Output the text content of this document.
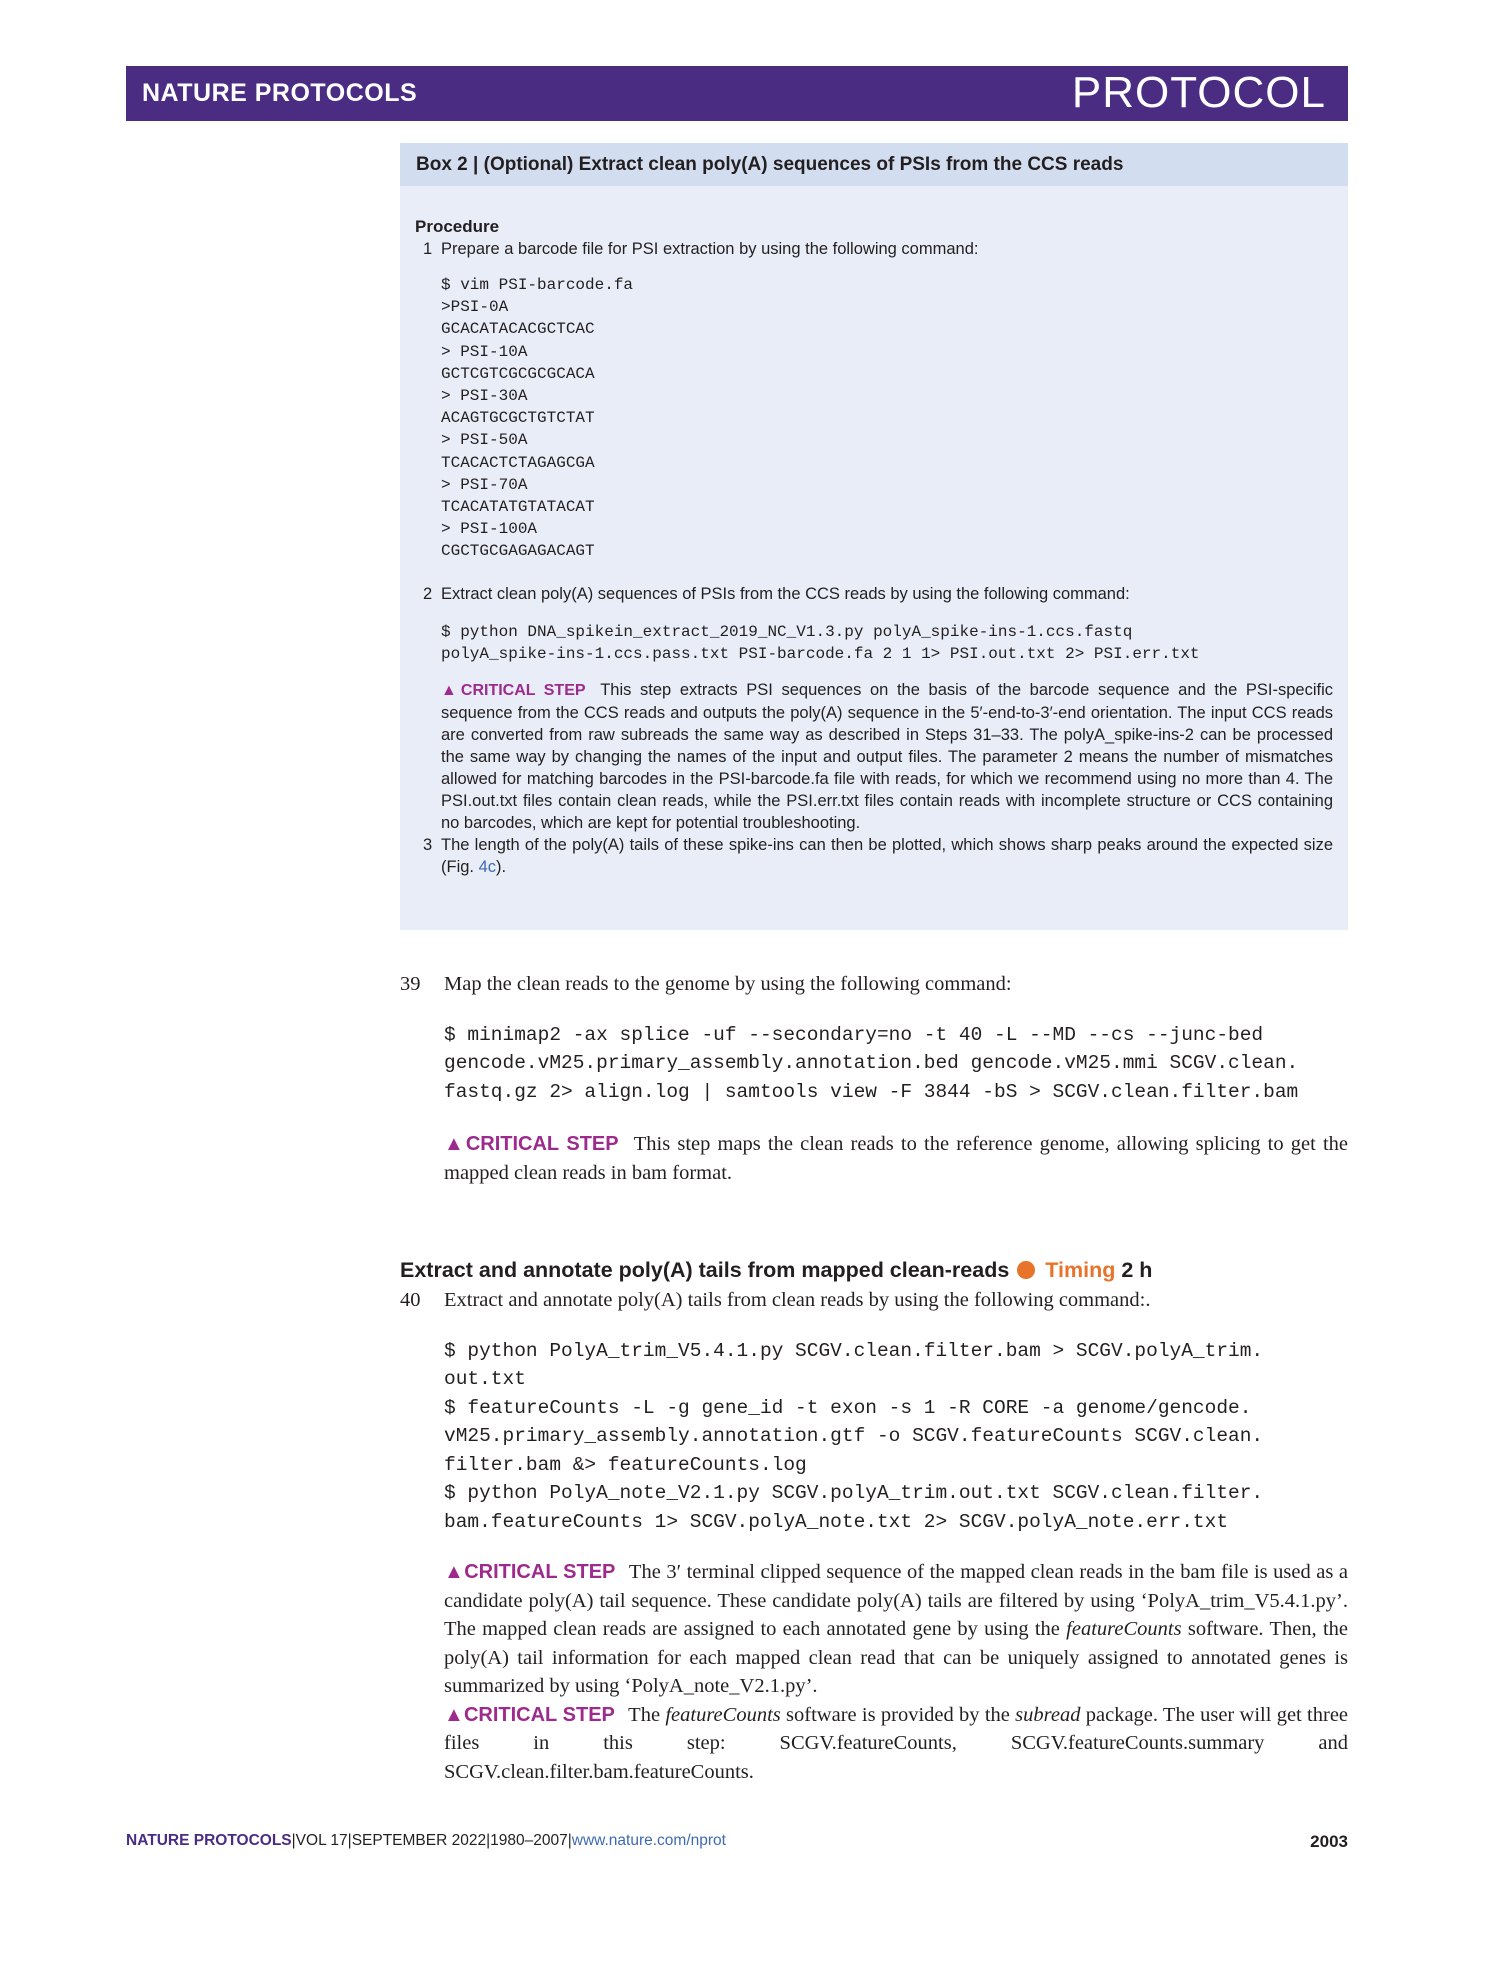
NATURE PROTOCOLS	PROTOCOL
Box 2 | (Optional) Extract clean poly(A) sequences of PSIs from the CCS reads
Procedure
1 Prepare a barcode file for PSI extraction by using the following command:
$ vim PSI-barcode.fa
>PSI-0A
GCACATACACGCTCAC
> PSI-10A
GCTCGTCGCGCGCACA
> PSI-30A
ACAGTGCGCTGTCTAT
> PSI-50A
TCACACTCTAGAGCGA
> PSI-70A
TCACATATGTATACAT
> PSI-100A
CGCTGCGAGAGACAGT
2 Extract clean poly(A) sequences of PSIs from the CCS reads by using the following command:
$ python DNA_spikein_extract_2019_NC_V1.3.py polyA_spike-ins-1.ccs.fastq
polyA_spike-ins-1.ccs.pass.txt PSI-barcode.fa 2 1 1> PSI.out.txt 2> PSI.err.txt
▲CRITICAL STEP This step extracts PSI sequences on the basis of the barcode sequence and the PSI-specific sequence from the CCS reads and outputs the poly(A) sequence in the 5′-end-to-3′-end orientation. The input CCS reads are converted from raw subreads the same way as described in Steps 31–33. The polyA_spike-ins-2 can be processed the same way by changing the names of the input and output files. The parameter 2 means the number of mismatches allowed for matching barcodes in the PSI-barcode.fa file with reads, for which we recommend using no more than 4. The PSI.out.txt files contain clean reads, while the PSI.err.txt files contain reads with incomplete structure or CCS containing no barcodes, which are kept for potential troubleshooting.
3 The length of the poly(A) tails of these spike-ins can then be plotted, which shows sharp peaks around the expected size (Fig. 4c).
39 Map the clean reads to the genome by using the following command:
$ minimap2 -ax splice -uf --secondary=no -t 40 -L --MD --cs --junc-bed
gencode.vM25.primary_assembly.annotation.bed gencode.vM25.mmi SCGV.clean.
fastq.gz 2> align.log | samtools view -F 3844 -bS > SCGV.clean.filter.bam
▲CRITICAL STEP This step maps the clean reads to the reference genome, allowing splicing to get the mapped clean reads in bam format.
Extract and annotate poly(A) tails from mapped clean-reads Timing 2 h
40 Extract and annotate poly(A) tails from clean reads by using the following command:.
$ python PolyA_trim_V5.4.1.py SCGV.clean.filter.bam > SCGV.polyA_trim.
out.txt
$ featureCounts -L -g gene_id -t exon -s 1 -R CORE -a genome/gencode.
vM25.primary_assembly.annotation.gtf -o SCGV.featureCounts SCGV.clean.
filter.bam &> featureCounts.log
$ python PolyA_note_V2.1.py SCGV.polyA_trim.out.txt SCGV.clean.filter.
bam.featureCounts 1> SCGV.polyA_note.txt 2> SCGV.polyA_note.err.txt
▲CRITICAL STEP The 3′ terminal clipped sequence of the mapped clean reads in the bam file is used as a candidate poly(A) tail sequence. These candidate poly(A) tails are filtered by using ‘PolyA_trim_V5.4.1.py’. The mapped clean reads are assigned to each annotated gene by using the featureCounts software. Then, the poly(A) tail information for each mapped clean read that can be uniquely assigned to annotated genes is summarized by using ‘PolyA_note_V2.1.py’.
▲CRITICAL STEP The featureCounts software is provided by the subread package. The user will get three files in this step: SCGV.featureCounts, SCGV.featureCounts.summary and SCGV.clean.filter.bam.featureCounts.
NATURE PROTOCOLS|VOL 17|SEPTEMBER 2022|1980–2007|www.nature.com/nprot	2003
